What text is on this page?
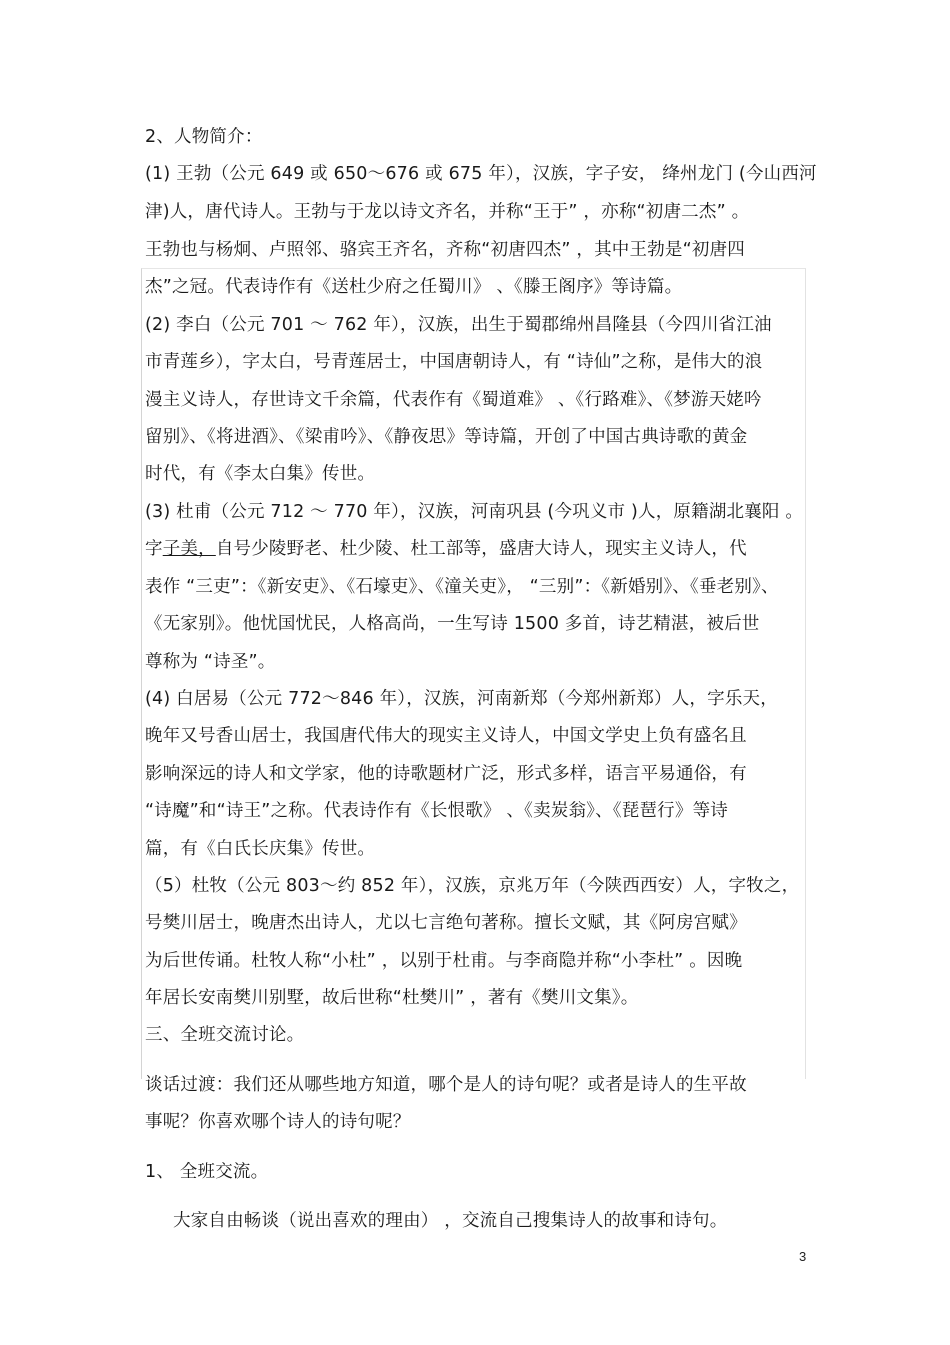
2、人物简介：
(1) 王勃（公元 649 或 650～676 或 675 年），汉族，字子安， 绛州龙门 (今山西河
津)人，唐代诗人。王勃与于龙以诗文齐名，并称“王于” ，亦称“初唐二杰” 。
王勃也与杨炯、卢照邻、骆宾王齐名，齐称“初唐四杰” ，其中王勃是“初唐四
杰”之冠。代表诗作有《送杜少府之任蜀川》 、《滕王阁序》等诗篇。
(2) 李白（公元 701 ～ 762 年），汉族，出生于蜀郡绵州昌隆县（今四川省江油
市青莲乡），字太白，号青莲居士，中国唐朝诗人，有 “诗仙”之称，是伟大的浪
漫主义诗人，存世诗文千余篇，代表作有《蜀道难》 、《行路难》、《梦游天姥吟
留别》、《将进酒》、《梁甫吟》、《静夜思》等诗篇，开创了中国古典诗歌的黄金
时代，有《李太白集》传世。
(3) 杜甫（公元 712 ～ 770 年），汉族，河南巩县 (今巩义市 )人，原籍湖北襄阳 。
字子美，自号少陵野老、杜少陵、杜工部等，盛唐大诗人，现实主义诗人，代
表作 “三吏”：《新安吏》、《石壕吏》、《潼关吏》， “三别”：《新婚别》、《垂老别》、
《无家别》。他忧国忧民，人格高尚，一生写诗 1500 多首，诗艺精湛，被后世
尊称为 “诗圣”。
(4) 白居易（公元 772～846 年），汉族，河南新郑（今郑州新郑）人，字乐天，
晚年又号香山居士，我国唐代伟大的现实主义诗人，中国文学史上负有盛名且
影响深远的诗人和文学家，他的诗歌题材广泛，形式多样，语言平易通俗，有
“诗魔”和“诗王”之称。代表诗作有《长恨歌》 、《卖炭翁》、《琵琶行》等诗
篇，有《白氏长庆集》传世。
（5）杜牧（公元 803～约 852 年），汉族，京兆万年（今陕西西安）人，字牧之，
号樊川居士，晚唐杰出诗人，尤以七言绝句著称。擅长文赋，其《阿房宫赋》
为后世传诵。杜牧人称“小杜” ，以别于杜甫。与李商隐并称“小李杜” 。因晚
年居长安南樊川别墅，故后世称“杜樊川” ，著有《樊川文集》。
三、全班交流讨论。
谈话过渡：我们还从哪些地方知道，哪个是人的诗句呢？或者是诗人的生平故
事呢？你喜欢哪个诗人的诗句呢？
1、 全班交流。
大家自由畅谈（说出喜欢的理由） ，交流自己搜集诗人的故事和诗句。
3
